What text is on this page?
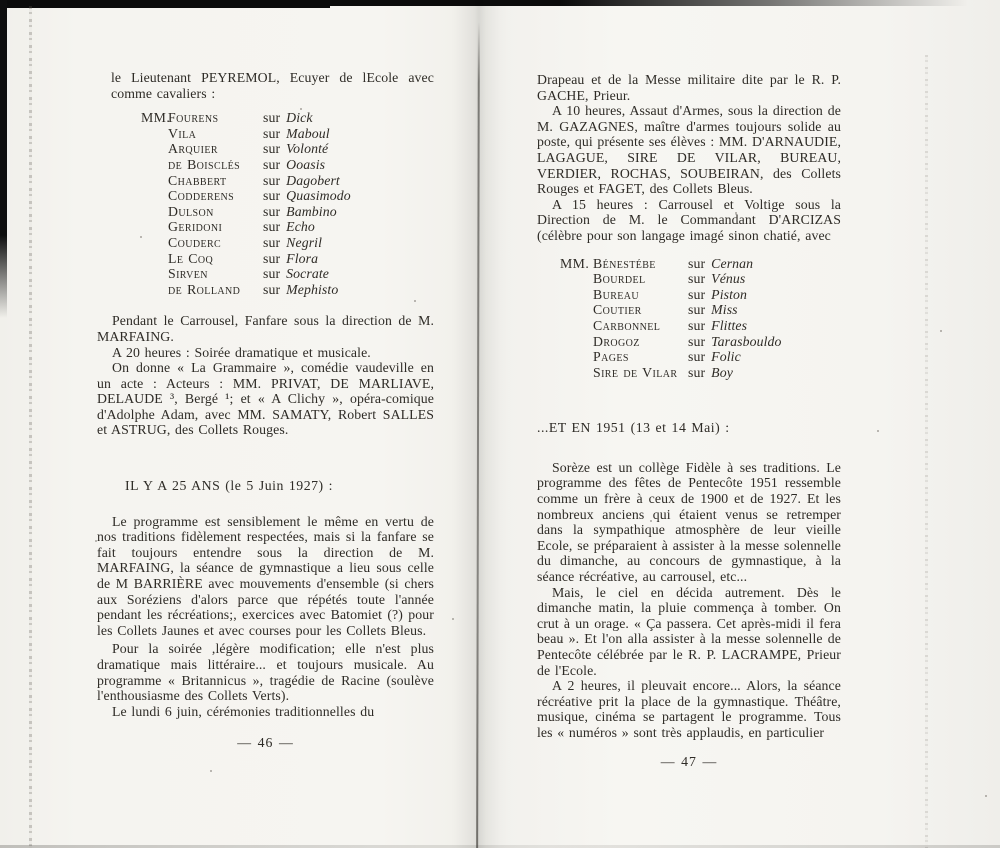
le Lieutenant PEYREMOL, Ecuyer de lEcole avec comme cavaliers :

MM.
Fourens	sur Dick
Vila	sur Maboul
Arquier	sur Volonté
de Boisclés	sur Ooasis
Chabbert	sur Dagobert
Codderens	sur Quasimodo
Dulson	sur Bambino
Geridoni	sur Echo
Couderc	sur Negril
Le Coq	sur Flora
Sirven	sur Socrate
de Rolland	sur Mephisto

Pendant le Carrousel, Fanfare sous la direction de M. MARFAING.

A 20 heures : Soirée dramatique et musicale.

On donne « La Grammaire », comédie vaudeville en un acte : Acteurs : MM. PRIVAT, DE MARLIAVE, DELAUDE ³, Bergé ¹; et « A Clichy », opéra-comique d'Adolphe Adam, avec MM. SAMATY, Robert SALLES et ASTRUG, des Collets Rouges.

IL Y A 25 ANS (le 5 Juin 1927) :

Le programme est sensiblement le même en vertu de nos traditions fidèlement respectées, mais si la fanfare se fait toujours entendre sous la direction de M. MARFAING, la séance de gymnastique a lieu sous celle de M BARRIÈRE avec mouvements d'ensemble (si chers aux Soréziens d'alors parce que répétés toute l'année pendant les récréations;, exercices avec Batomiet (?) pour les Collets Jaunes et avec courses pour les Collets Bleus.

Pour la soirée ,légère modification; elle n'est plus dramatique mais littéraire... et toujours musicale. Au programme « Britannicus », tragédie de Racine (soulève l'enthousiasme des Collets Verts).

Le lundi 6 juin, cérémonies traditionnelles du

— 46 —

Drapeau et de la Messe militaire dite par le R. P. GACHE, Prieur.

A 10 heures, Assaut d'Armes, sous la direction de M. GAZAGNES, maître d'armes toujours solide au poste, qui présente ses élèves : MM. D'ARNAUDIE, LAGAGUE, SIRE DE VILAR, BUREAU, VERDIER, ROCHAS, SOUBEIRAN, des Collets Rouges et FAGET, des Collets Bleus.

A 15 heures : Carrousel et Voltige sous la Direction de M. le Commandant D'ARCIZAS (célèbre pour son langage imagé sinon chatié, avec

MM. Bénestébe	sur Cernan
Bourdel	sur Vénus
Bureau	sur Piston
Coutier	sur Miss
Carbonnel	sur Flittes
Drogoz	sur Tarasbouldo
Pages	sur Folic
Sire de Vilar sur Boy

...ET EN 1951 (13 et 14 Mai) :

Sorèze est un collège Fidèle à ses traditions. Le programme des fêtes de Pentecôte 1951 ressemble comme un frère à ceux de 1900 et de 1927. Et les nombreux anciens qui étaient venus se retremper dans la sympathique atmosphère de leur vieille Ecole, se préparaient à assister à la messe solennelle du dimanche, au concours de gymnastique, à la séance récréative, au carrousel, etc...

Mais, le ciel en décida autrement. Dès le dimanche matin, la pluie commença à tomber. On crut à un orage. « Ça passera. Cet après-midi il fera beau ». Et l'on alla assister à la messe solennelle de Pentecôte célébrée par le R. P. LACRAMPE, Prieur de l'Ecole.

A 2 heures, il pleuvait encore... Alors, la séance récréative prit la place de la gymnastique. Théâtre, musique, cinéma se partagent le programme. Tous les « numéros » sont très applaudis, en particulier

— 47 —
